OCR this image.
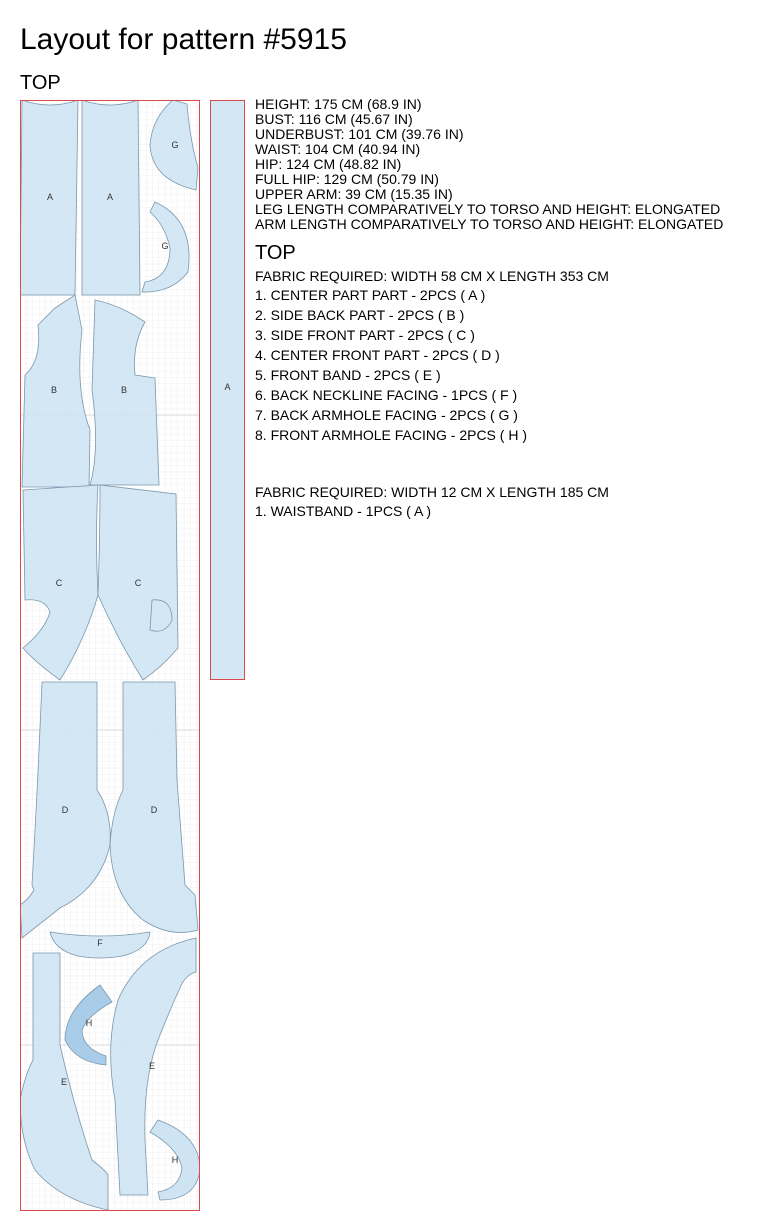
Layout for pattern #5915
TOP
A	A
G
G
B	B
C	C
D	D
F
H
E
E
H
A
HEIGHT: 175 CM (68.9 IN)
BUST: 116 CM (45.67 IN)
UNDERBUST: 101 CM (39.76 IN)
WAIST: 104 CM (40.94 IN)
HIP: 124 CM (48.82 IN)
FULL HIP: 129 CM (50.79 IN)
UPPER ARM: 39 CM (15.35 IN)
LEG LENGTH COMPARATIVELY TO TORSO AND HEIGHT: ELONGATED
ARM LENGTH COMPARATIVELY TO TORSO AND HEIGHT: ELONGATED
TOP
FABRIC REQUIRED: WIDTH 58 CM X LENGTH 353 CM
1. CENTER PART PART - 2PCS ( A )
2. SIDE BACK PART - 2PCS ( B )
3. SIDE FRONT PART - 2PCS ( C )
4. CENTER FRONT PART - 2PCS ( D )
5. FRONT BAND - 2PCS ( E )
6. BACK NECKLINE FACING - 1PCS ( F )
7. BACK ARMHOLE FACING - 2PCS ( G )
8. FRONT ARMHOLE FACING - 2PCS ( H )
FABRIC REQUIRED: WIDTH 12 CM X LENGTH 185 CM
1. WAISTBAND - 1PCS ( A )
